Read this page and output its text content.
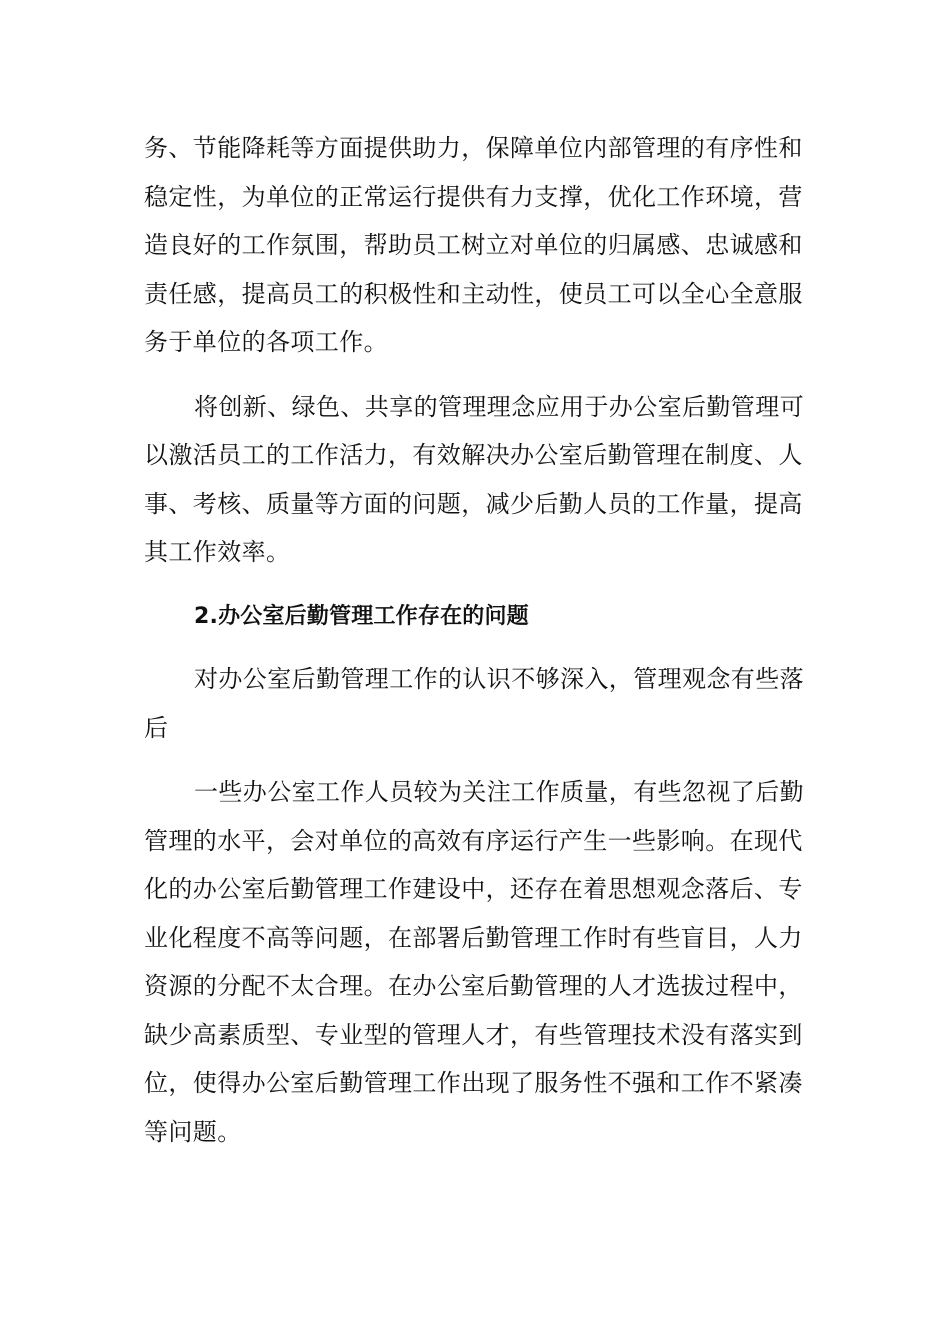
务、节能降耗等方面提供助力，保障单位内部管理的有序性和
稳定性，为单位的正常运行提供有力支撑，优化工作环境，营
造良好的工作氛围，帮助员工树立对单位的归属感、忠诚感和
责任感，提高员工的积极性和主动性，使员工可以全心全意服
务于单位的各项工作。
将创新、绿色、共享的管理理念应用于办公室后勤管理可
以激活员工的工作活力，有效解决办公室后勤管理在制度、人
事、考核、质量等方面的问题，减少后勤人员的工作量，提高
其工作效率。
2.办公室后勤管理工作存在的问题
对办公室后勤管理工作的认识不够深入，管理观念有些落
后
一些办公室工作人员较为关注工作质量，有些忽视了后勤
管理的水平，会对单位的高效有序运行产生一些影响。在现代
化的办公室后勤管理工作建设中，还存在着思想观念落后、专
业化程度不高等问题，在部署后勤管理工作时有些盲目，人力
资源的分配不太合理。在办公室后勤管理的人才选拔过程中，
缺少高素质型、专业型的管理人才，有些管理技术没有落实到
位，使得办公室后勤管理工作出现了服务性不强和工作不紧凑
等问题。
